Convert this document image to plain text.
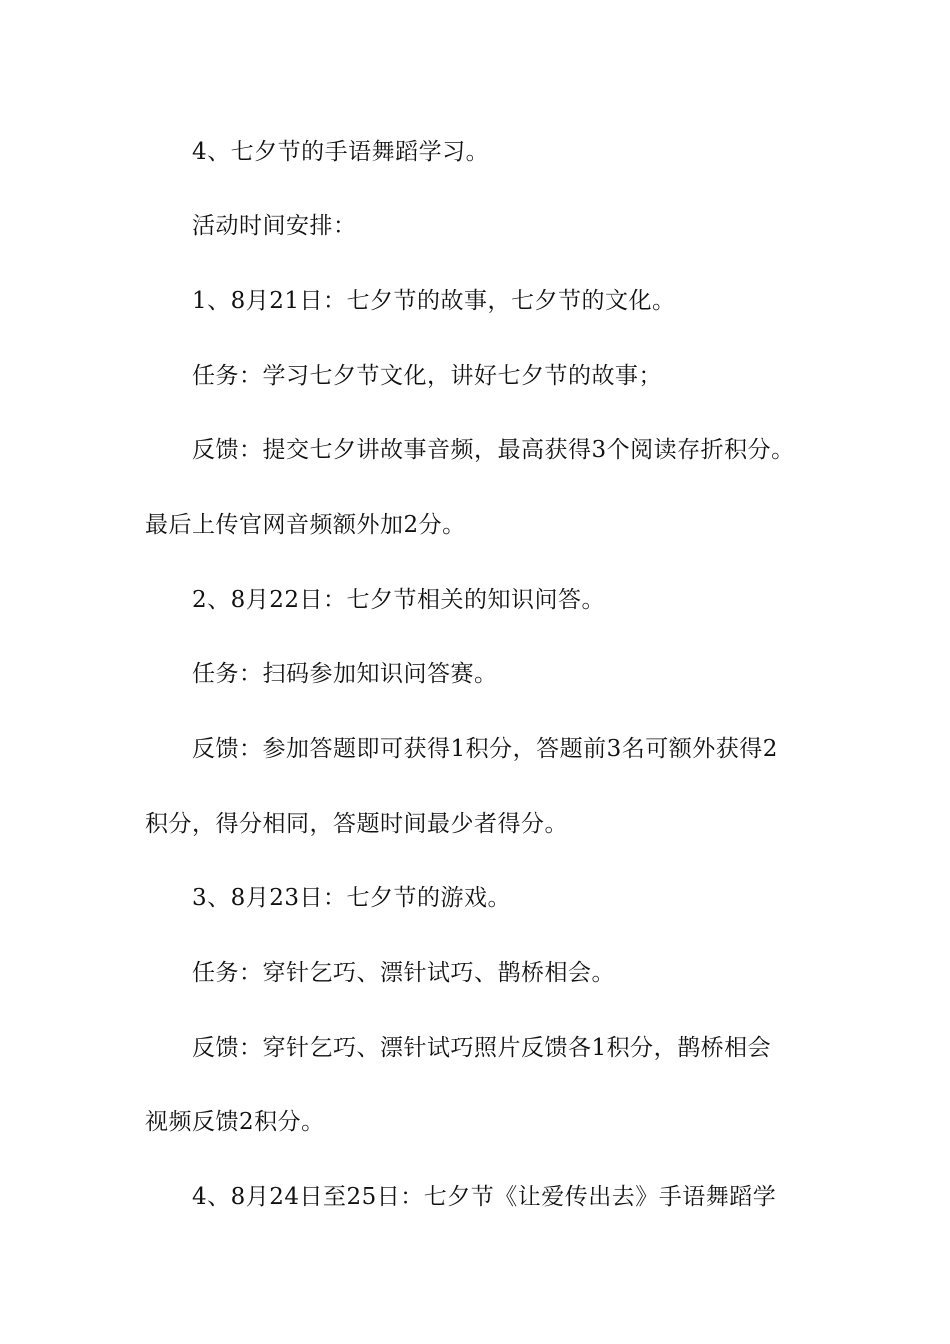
4、七夕节的手语舞蹈学习。
活动时间安排：
1、8月21日：七夕节的故事，七夕节的文化。
任务：学习七夕节文化，讲好七夕节的故事；
反馈：提交七夕讲故事音频，最高获得3个阅读存折积分。
最后上传官网音频额外加2分。
2、8月22日：七夕节相关的知识问答。
任务：扫码参加知识问答赛。
反馈：参加答题即可获得1积分，答题前3名可额外获得2
积分，得分相同，答题时间最少者得分。
3、8月23日：七夕节的游戏。
任务：穿针乞巧、漂针试巧、鹊桥相会。
反馈：穿针乞巧、漂针试巧照片反馈各1积分，鹊桥相会
视频反馈2积分。
4、8月24日至25日：七夕节《让爱传出去》手语舞蹈学
